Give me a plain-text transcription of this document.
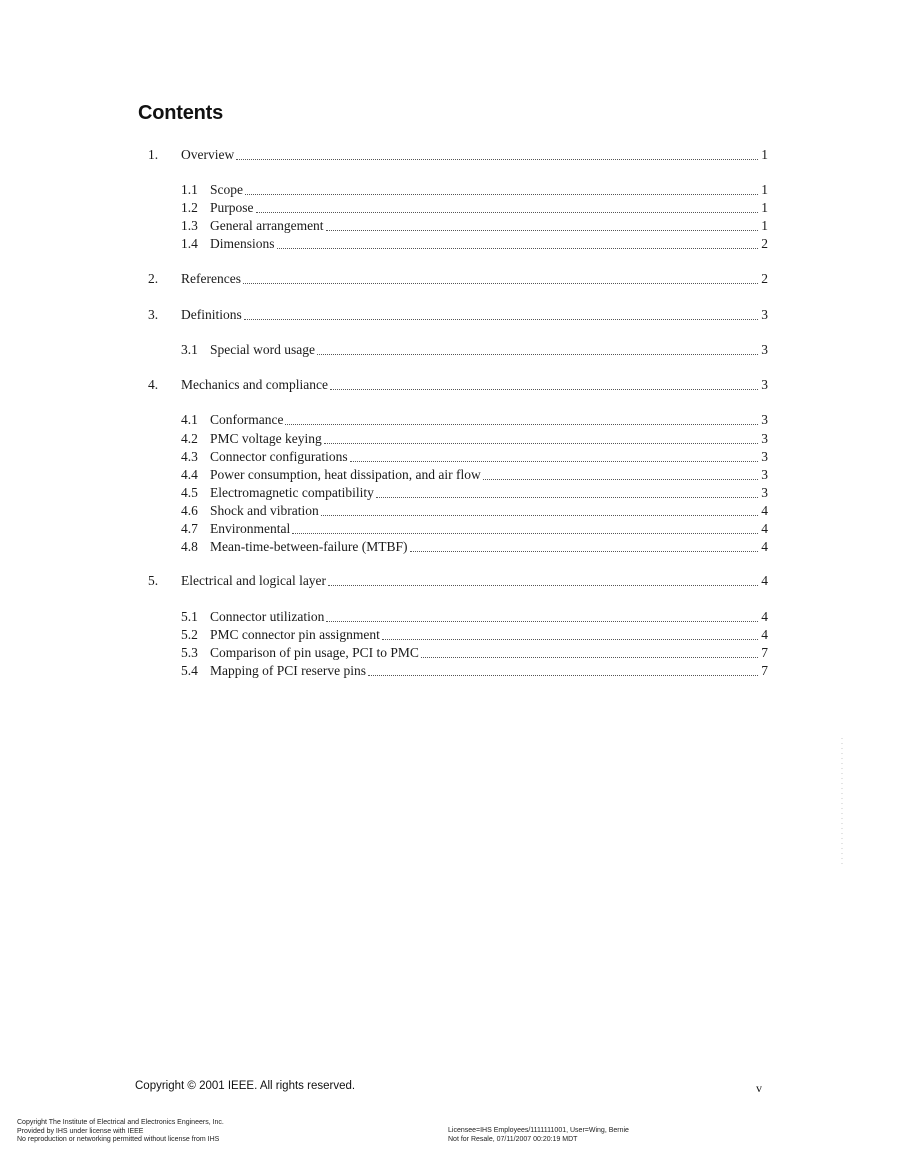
Contents
1.	Overview	1
1.1 Scope	1
1.2 Purpose	1
1.3 General arrangement	1
1.4 Dimensions	2
2.	References	2
3.	Definitions	3
3.1 Special word usage	3
4.	Mechanics and compliance	3
4.1 Conformance	3
4.2 PMC voltage keying	3
4.3 Connector configurations	3
4.4 Power consumption, heat dissipation, and air flow	3
4.5 Electromagnetic compatibility	3
4.6 Shock and vibration	4
4.7 Environmental	4
4.8 Mean-time-between-failure (MTBF)	4
5.	Electrical and logical layer	4
5.1 Connector utilization	4
5.2 PMC connector pin assignment	4
5.3 Comparison of pin usage, PCI to PMC	7
5.4 Mapping of PCI reserve pins	7
Copyright © 2001 IEEE. All rights reserved.	v
Copyright The Institute of Electrical and Electronics Engineers, Inc.
Provided by IHS under license with IEEE
No reproduction or networking permitted without license from IHS
Licensee=IHS Employees/1111111001, User=Wing, Bernie
Not for Resale, 07/11/2007 00:20:19 MDT
